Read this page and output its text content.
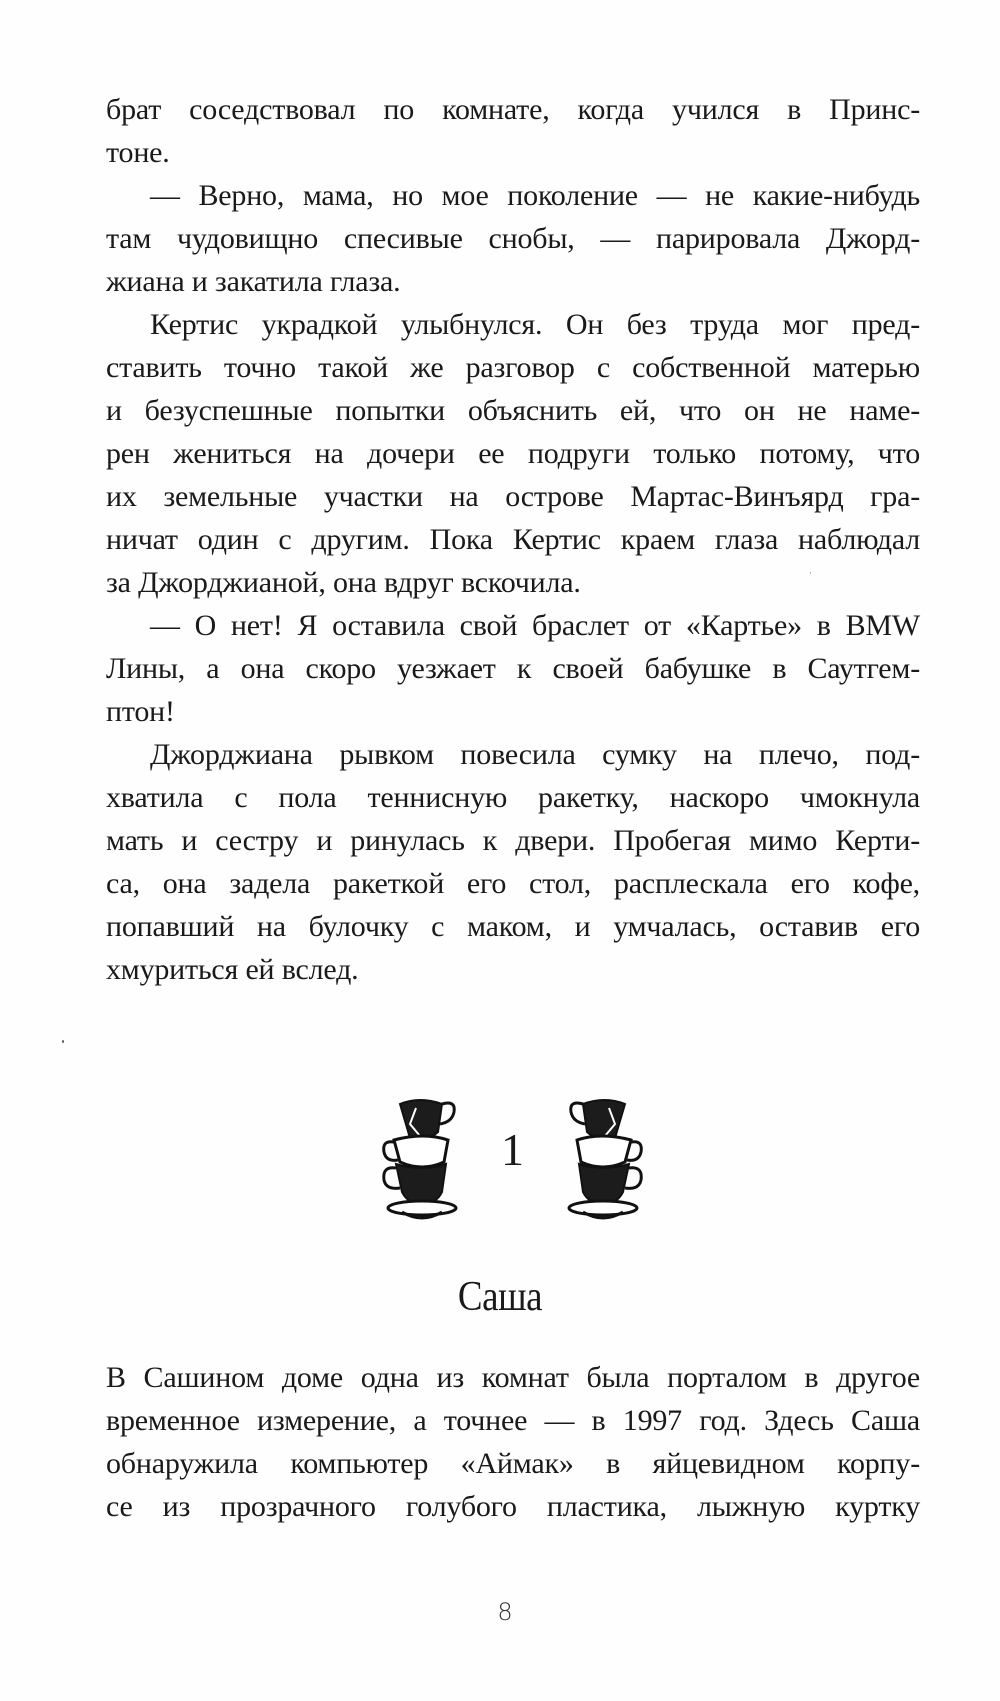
брат соседствовал по комнате, когда учился в Принс-
тоне.
— Верно, мама, но мое поколение — не какие-нибудь
там чудовищно спесивые снобы, — парировала Джорд-
жиана и закатила глаза.
Кертис украдкой улыбнулся. Он без труда мог пред-
ставить точно такой же разговор с собственной матерью
и безуспешные попытки объяснить ей, что он не наме-
рен жениться на дочери ее подруги только потому, что
их земельные участки на острове Мартас-Винъярд гра-
ничат один с другим. Пока Кертис краем глаза наблюдал
за Джорджианой, она вдруг вскочила.
— О нет! Я оставила свой браслет от «Картье» в BMW
Лины, а она скоро уезжает к своей бабушке в Саутгем-
птон!
Джорджиана рывком повесила сумку на плечо, под-
хватила с пола теннисную ракетку, наскоро чмокнула
мать и сестру и ринулась к двери. Пробегая мимо Керти-
са, она задела ракеткой его стол, расплескала его кофе,
попавший на булочку с маком, и умчалась, оставив его
хмуриться ей вслед.
1
Саша
В Сашином доме одна из комнат была порталом в другое
временное измерение, а точнее — в 1997 год. Здесь Саша
обнаружила компьютер «Аймак» в яйцевидном корпу-
се из прозрачного голубого пластика, лыжную куртку
8
